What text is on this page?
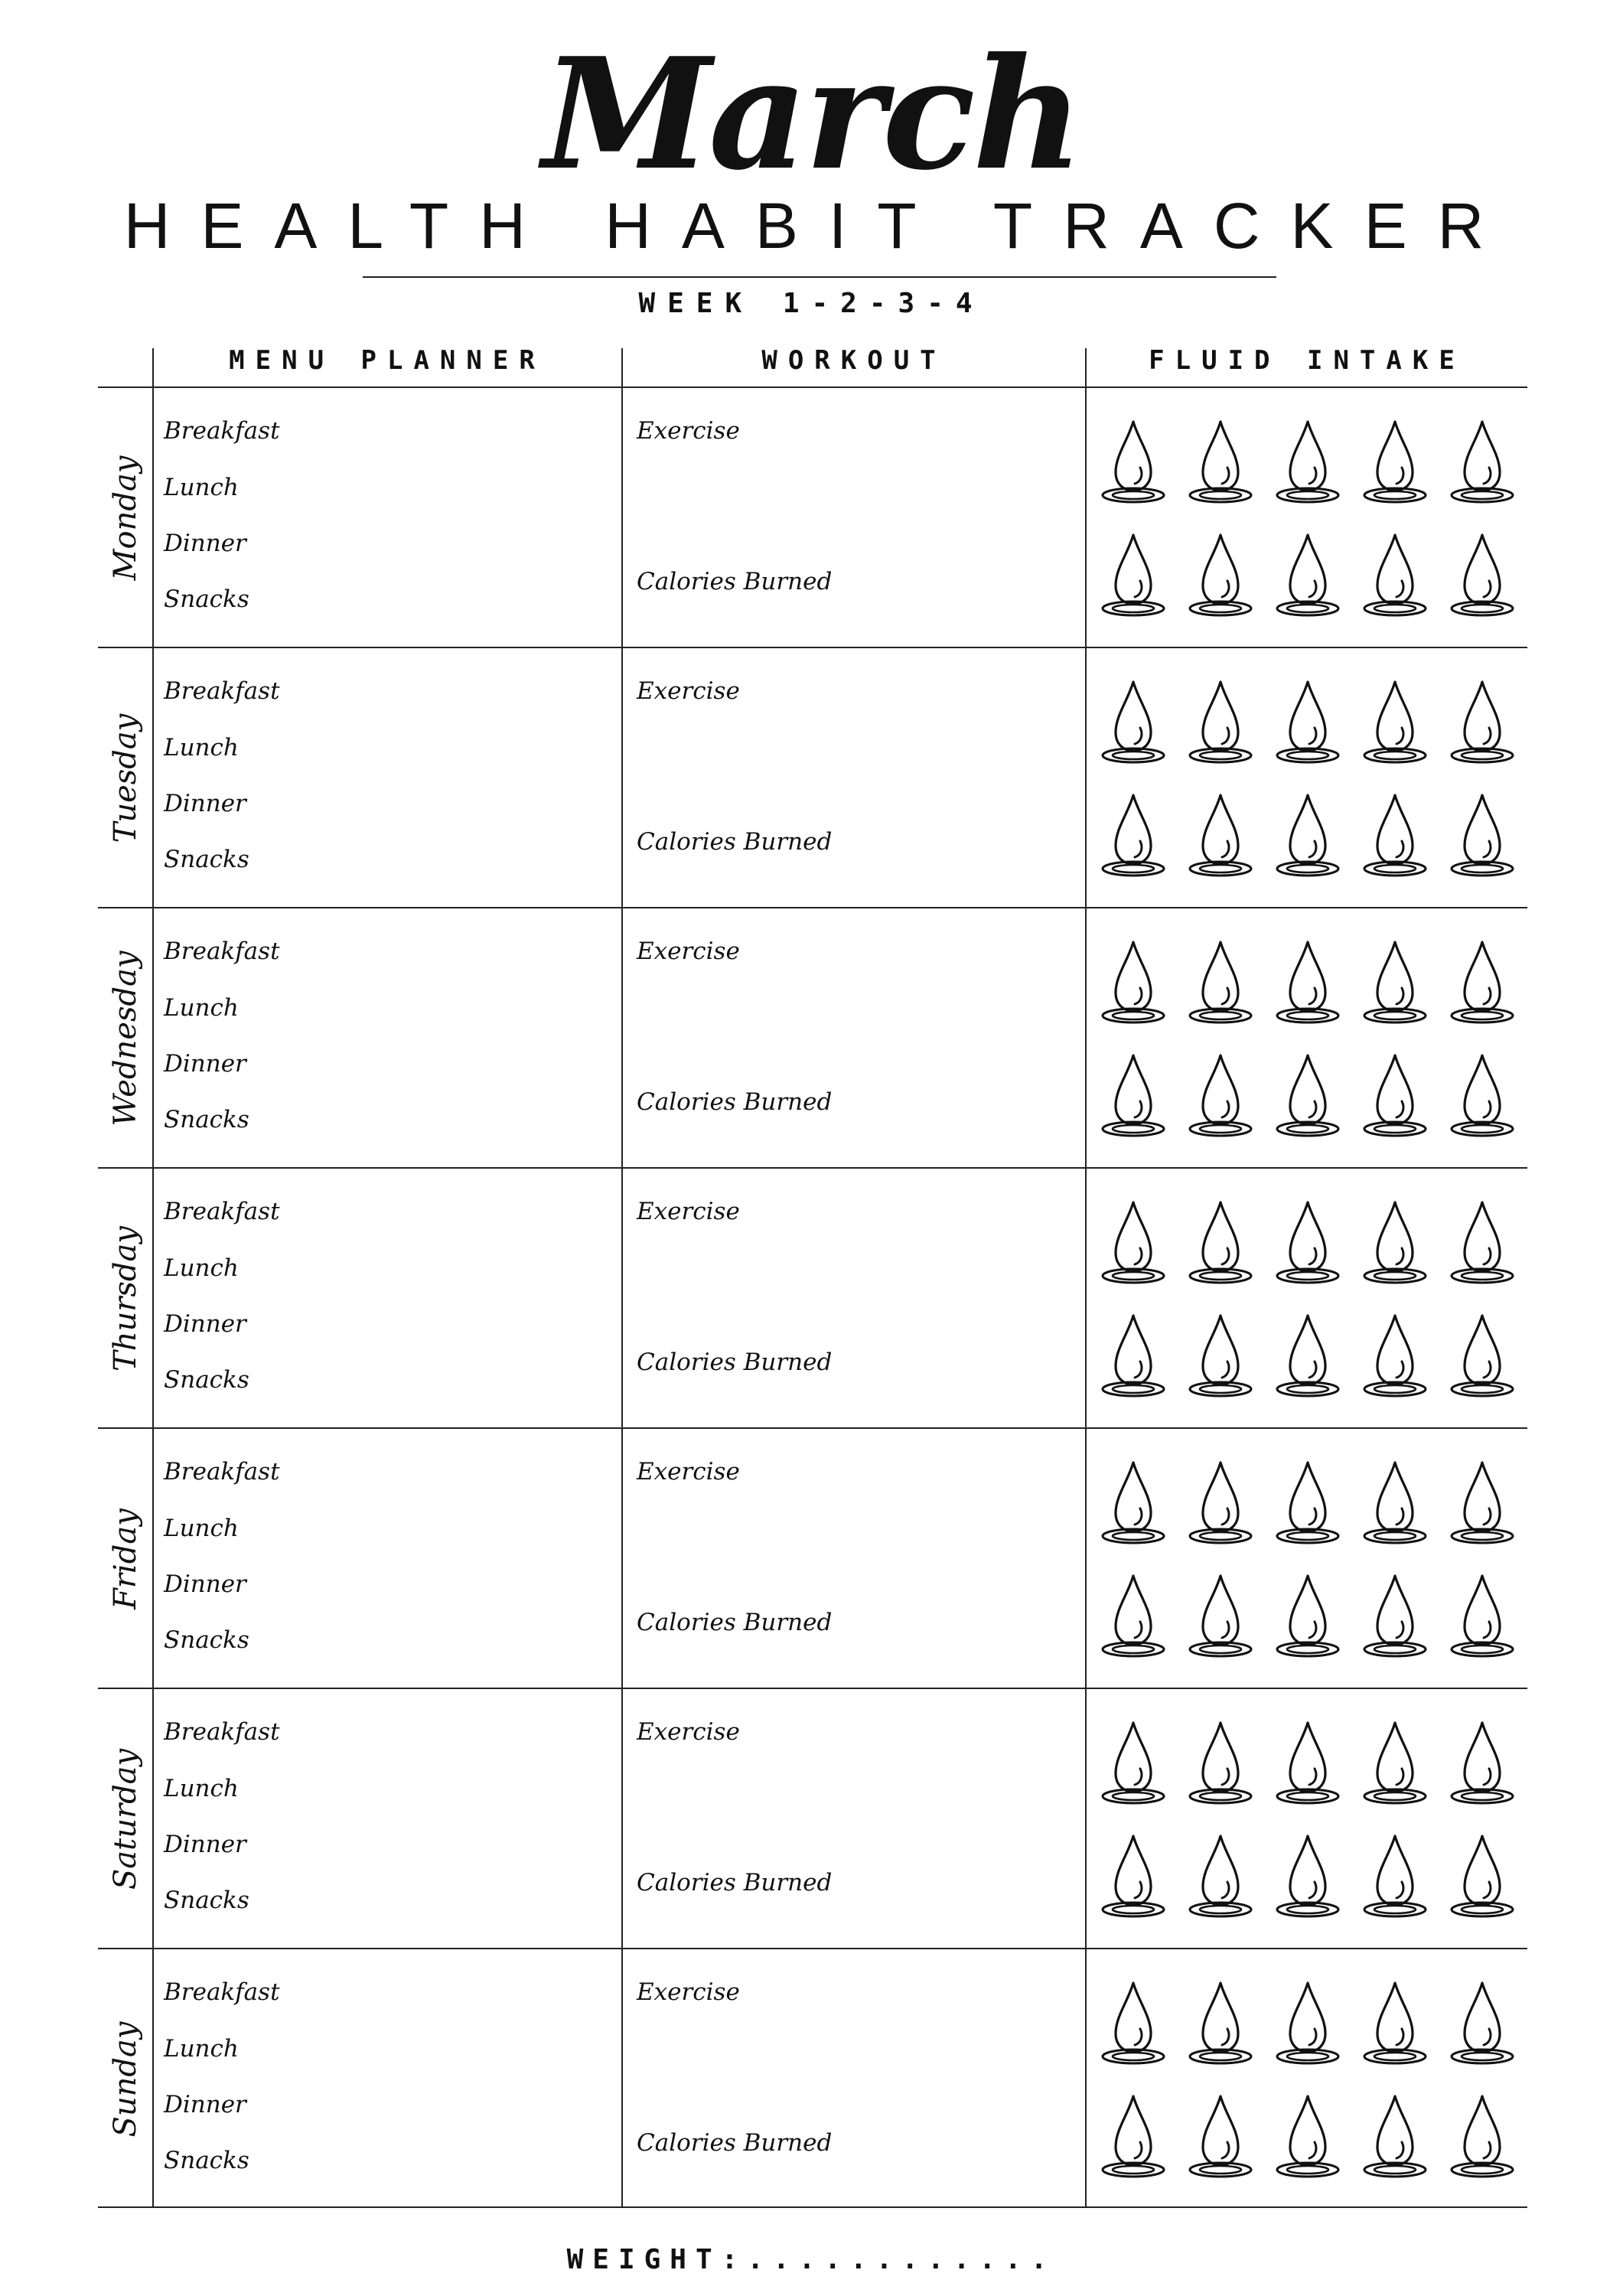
March
HEALTH HABIT TRACKER
WEEK 1-2-3-4
MENU PLANNER	WORKOUT	FLUID INTAKE
Monday
Breakfast
Lunch
Dinner
Snacks
Exercise
Calories Burned
Tuesday
Breakfast
Lunch
Dinner
Snacks
Exercise
Calories Burned
Wednesday Breakfast
Lunch
Dinner
Snacks
Exercise
Calories Burned
Thursday
Breakfast
Lunch
Dinner
Snacks
Exercise
Calories Burned
Friday
Breakfast
Lunch
Dinner
Snacks
Exercise
Calories Burned
Saturday
Breakfast
Lunch
Dinner
Snacks
Exercise
Calories Burned
Sunday
Breakfast
Lunch
Dinner
Snacks
Exercise
Calories Burned
WEIGHT:............
